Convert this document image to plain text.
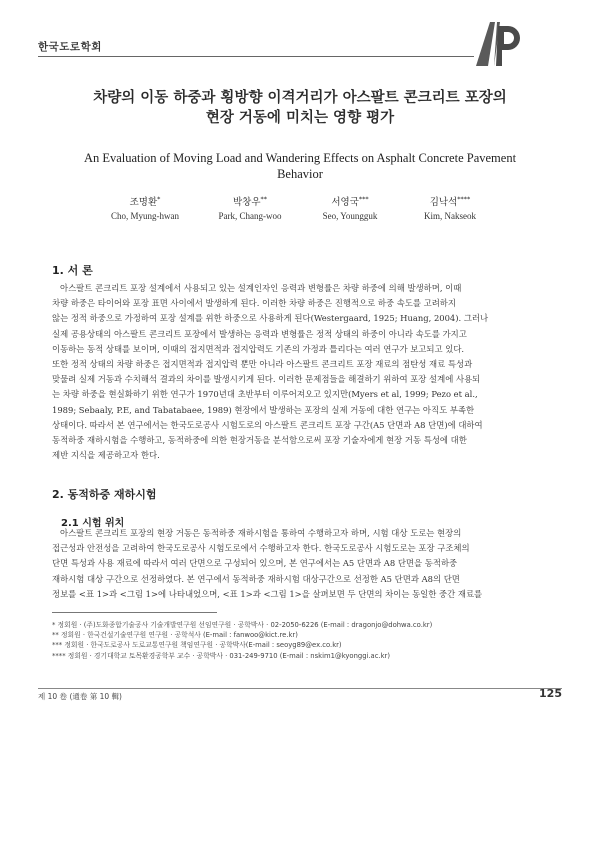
한국도로학회
차량의 이동 하중과 횡방향 이격거리가 아스팔트 콘크리트 포장의
현장 거동에 미치는 영향 평가
An Evaluation of Moving Load and Wandering Effects on Asphalt Concrete Pavement
Behavior
조명환*
Cho, Myung-hwan
박창우**
Park, Chang-woo
서영국***
Seo, Youngguk
김낙석****
Kim, Nakseok
1. 서 론
아스팔트 콘크리트 포장 설계에서 사용되고 있는 설계인자인 응력과 변형률은 차량 하중에 의해 발생하며, 이때
차량 하중은 타이어와 포장 표면 사이에서 발생하게 된다. 이러한 차량 하중은 진행적으로 하중 속도를 고려하지
않는 정적 하중으로 가정하여 포장 설계를 위한 하중으로 사용하게 된다(Westergaard, 1925; Huang, 2004). 그러나
실제 공용상태의 아스팔트 콘크리트 포장에서 발생하는 응력과 변형률은 정적 상태의 하중이 아니라 속도를 가지고
이동하는 동적 상태를 보이며, 이때의 접지면적과 접지압력도 기존의 가정과 틀리다는 여러 연구가 보고되고 있다.
또한 정적 상태의 차량 하중은 접지면적과 접지압력 뿐만 아니라 아스팔트 콘크리트 포장 재료의 점탄성 재료 특성과
맞물려 실제 거동과 수치해석 결과의 차이를 발생시키게 된다. 이러한 문제점들을 해결하기 위하여 포장 설계에 사용되
는 차량 하중을 현실화하기 위한 연구가 1970년대 초반부터 이루어져오고 있지만(Myers et al, 1999; Pezo et al.,
1989; Sebaaly, P.E, and Tabatabaee, 1989) 현장에서 발생하는 포장의 실제 거동에 대한 연구는 아직도 부족한
상태이다. 따라서 본 연구에서는 한국도로공사 시험도로의 아스팔트 콘크리트 포장 구간(A5 단면과 A8 단면)에 대하여
동적하중 재하시험을 수행하고, 동적하중에 의한 현장거동을 분석함으로써 포장 기술자에게 현장 거동 특성에 대한
제반 지식을 제공하고자 한다.
2. 동적하중 재하시험
2.1 시험 위치
아스팔트 콘크리트 포장의 현장 거동은 동적하중 재하시험을 통하여 수행하고자 하며, 시험 대상 도로는 현장의
접근성과 안전성을 고려하여 한국도로공사 시험도로에서 수행하고자 한다. 한국도로공사 시험도로는 포장 구조체의
단면 특성과 사용 재료에 따라서 여러 단면으로 구성되어 있으며, 본 연구에서는 A5 단면과 A8 단면을 동적하중
재하시험 대상 구간으로 선정하였다. 본 연구에서 동적하중 재하시험 대상구간으로 선정한 A5 단면과 A8의 단면
정보를 <표 1>과 <그림 1>에 나타내었으며, <표 1>과 <그림 1>을 살펴보면 두 단면의 차이는 동일한 중간 재료를
* 정회원 · (주)도화종합기술공사 기술개발연구원 선임연구원 · 공학박사 · 02-2050-6226 (E-mail : dragonjo@dohwa.co.kr)
** 정회원 · 한국건설기술연구원 연구원 · 공학석사 (E-mail : fanwoo@kict.re.kr)
*** 정회원 · 한국도로공사 도로교통연구원 책임연구원 · 공학박사(E-mail : seoyg89@ex.co.kr)
**** 정회원 · 경기대학교 토목환경공학부 교수 · 공학박사 · 031-249-9710 (E-mail : nskim1@kyonggi.ac.kr)
제 10 卷 (通卷 第 10 輯)	125
